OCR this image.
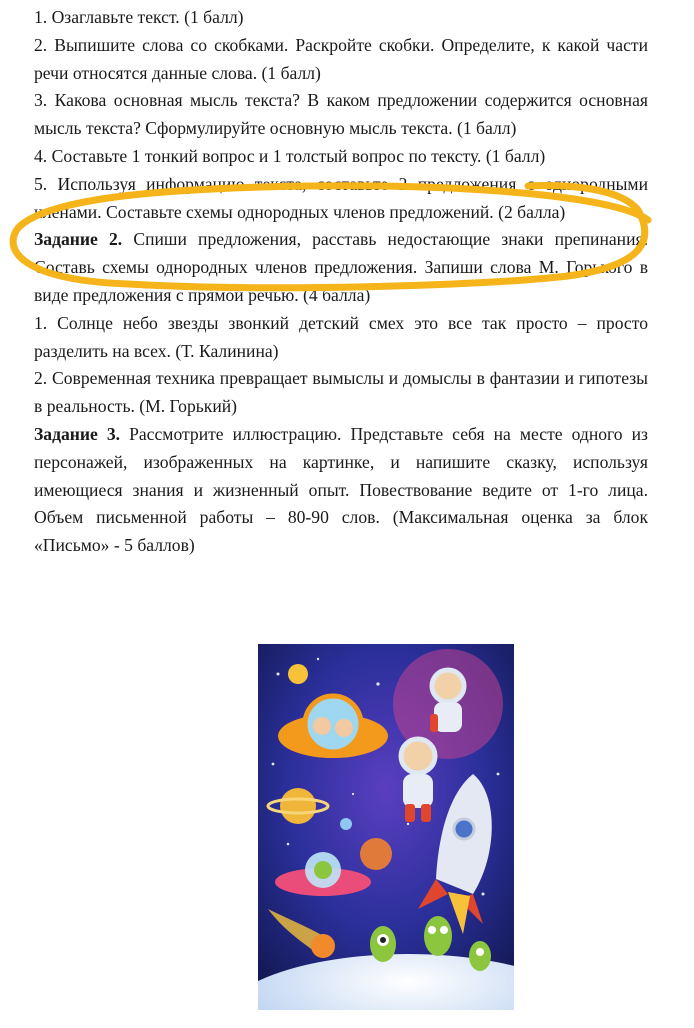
1. Озаглавьте текст. (1 балл)

2. Выпишите слова со скобками. Раскройте скобки. Определите, к какой части речи относятся данные слова. (1 балл)

3. Какова основная мысль текста? В каком предложении содержится основная мысль текста? Сформулируйте основную мысль текста. (1 балл)

4. Составьте 1 тонкий вопрос и 1 толстый вопрос по тексту. (1 балл)

5. Используя информацию текста, составьте 2 предложения с однородными членами. Составьте схемы однородных членов предложений. (2 балла)

Задание 2. Спиши предложения, расставь недостающие знаки препинания. Составь схемы однородных членов предложения. Запиши слова М. Горького в виде предложения с прямой речью. (4 балла)

1. Солнце небо звезды звонкий детский смех это все так просто – просто разделить на всех. (Т. Калинина)

2. Современная техника превращает вымыслы и домыслы в фантазии и гипотезы в реальность. (М. Горький)

Задание 3. Рассмотрите иллюстрацию. Представьте себя на месте одного из персонажей, изображенных на картинке, и напишите сказку, используя имеющиеся знания и жизненный опыт. Повествование ведите от 1-го лица. Объем письменной работы – 80-90 слов. (Максимальная оценка за блок «Письмо» - 5 баллов)
